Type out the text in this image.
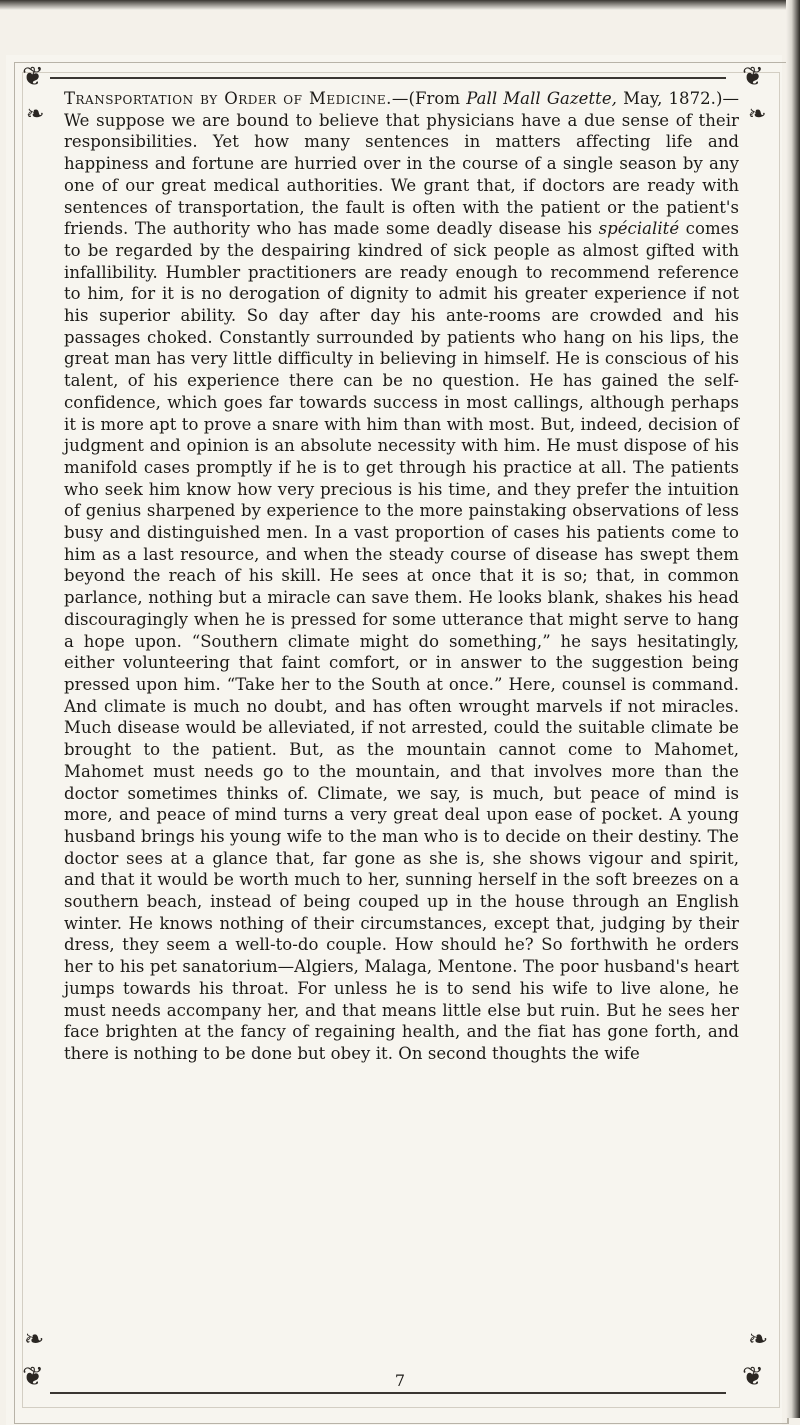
❦	❦
❧	❧
❧	❧

Transportation by Order of Medicine.—(From Pall Mall Gazette, May, 1872.)—We suppose we are bound to believe that physicians have a due sense of their responsibilities. Yet how many sentences in matters affecting life and happiness and fortune are hurried over in the course of a single season by any one of our great medical authorities. We grant that, if doctors are ready with sentences of transportation, the fault is often with the patient or the patient's friends. The authority who has made some deadly disease his spécialité comes to be regarded by the despairing kindred of sick people as almost gifted with infallibility. Humbler practitioners are ready enough to recommend reference to him, for it is no derogation of dignity to admit his greater experience if not his superior ability. So day after day his ante-rooms are crowded and his passages choked. Constantly surrounded by patients who hang on his lips, the great man has very little difficulty in believing in himself. He is conscious of his talent, of his experience there can be no question. He has gained the self-confidence, which goes far towards success in most callings, although perhaps it is more apt to prove a snare with him than with most. But, indeed, decision of judgment and opinion is an absolute necessity with him. He must dispose of his manifold cases promptly if he is to get through his practice at all. The patients who seek him know how very precious is his time, and they prefer the intuition of genius sharpened by experience to the more painstaking observations of less busy and distinguished men. In a vast proportion of cases his patients come to him as a last resource, and when the steady course of disease has swept them beyond the reach of his skill. He sees at once that it is so; that, in common parlance, nothing but a miracle can save them. He looks blank, shakes his head discouragingly when he is pressed for some utterance that might serve to hang a hope upon. “Southern climate might do something,” he says hesitatingly, either volunteering that faint comfort, or in answer to the suggestion being pressed upon him. “Take her to the South at once.” Here, counsel is command. And climate is much no doubt, and has often wrought marvels if not miracles. Much disease would be alleviated, if not arrested, could the suitable climate be brought to the patient. But, as the mountain cannot come to Mahomet, Mahomet must needs go to the mountain, and that involves more than the doctor sometimes thinks of. Climate, we say, is much, but peace of mind is more, and peace of mind turns a very great deal upon ease of pocket. A young husband brings his young wife to the man who is to decide on their destiny. The doctor sees at a glance that, far gone as she is, she shows vigour and spirit, and that it would be worth much to her, sunning herself in the soft breezes on a southern beach, instead of being couped up in the house through an English winter. He knows nothing of their circumstances, except that, judging by their dress, they seem a well-to-do couple. How should he? So forthwith he orders her to his pet sanatorium—Algiers, Malaga, Mentone. The poor husband's heart jumps towards his throat. For unless he is to send his wife to live alone, he must needs accompany her, and that means little else but ruin. But he sees her face brighten at the fancy of regaining health, and the fiat has gone forth, and there is nothing to be done but obey it. On second thoughts the wife

❦	❦
7
